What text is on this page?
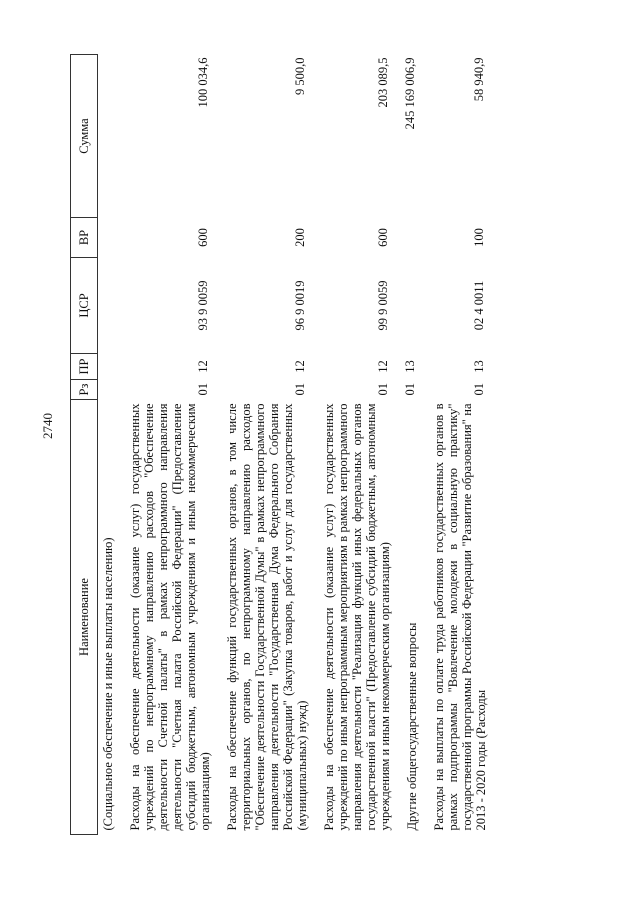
2740
Наименование	Рз	ПР	ЦСР	ВР	Сумма
(Социальное обеспечение и иные выплаты населению)					

Расходы на обеспечение деятельности (оказание услуг) государственных учреждений по непрограммному направлению расходов "Обеспечение деятельности Счетной палаты" в рамках непрограммного направления деятельности "Счетная палата Российской Федерации" (Предоставление субсидий бюджетным, автономным учреждениям и иным некоммерческим организациям)	01	12	93 9 0059	600	100 034,6

Расходы на обеспечение функций государственных органов, в том числе территориальных органов, по непрограммному направлению расходов "Обеспечение деятельности Государственной Думы" в рамках непрограммного направления деятельности "Государственная Дума Федерального Собрания Российской Федерации" (Закупка товаров, работ и услуг для государственных (муниципальных) нужд)	01	12	96 9 0019	200	9 500,0

Расходы на обеспечение деятельности (оказание услуг) государственных учреждений по иным непрограммным мероприятиям в рамках непрограммного направления деятельности "Реализация функций иных федеральных органов государственной власти" (Предоставление субсидий бюджетным, автономным учреждениям и иным некоммерческим организациям)	01	12	99 9 0059	600	203 089,5

Другие общегосударственные вопросы	01	13			245 169 006,9

Расходы на выплаты по оплате труда работников государственных органов в рамках подпрограммы "Вовлечение молодежи в социальную практику" государственной программы Российской Федерации "Развитие образования" на 2013 - 2020 годы (Расходы	01	13	02 4 0011	100	58 940,9
